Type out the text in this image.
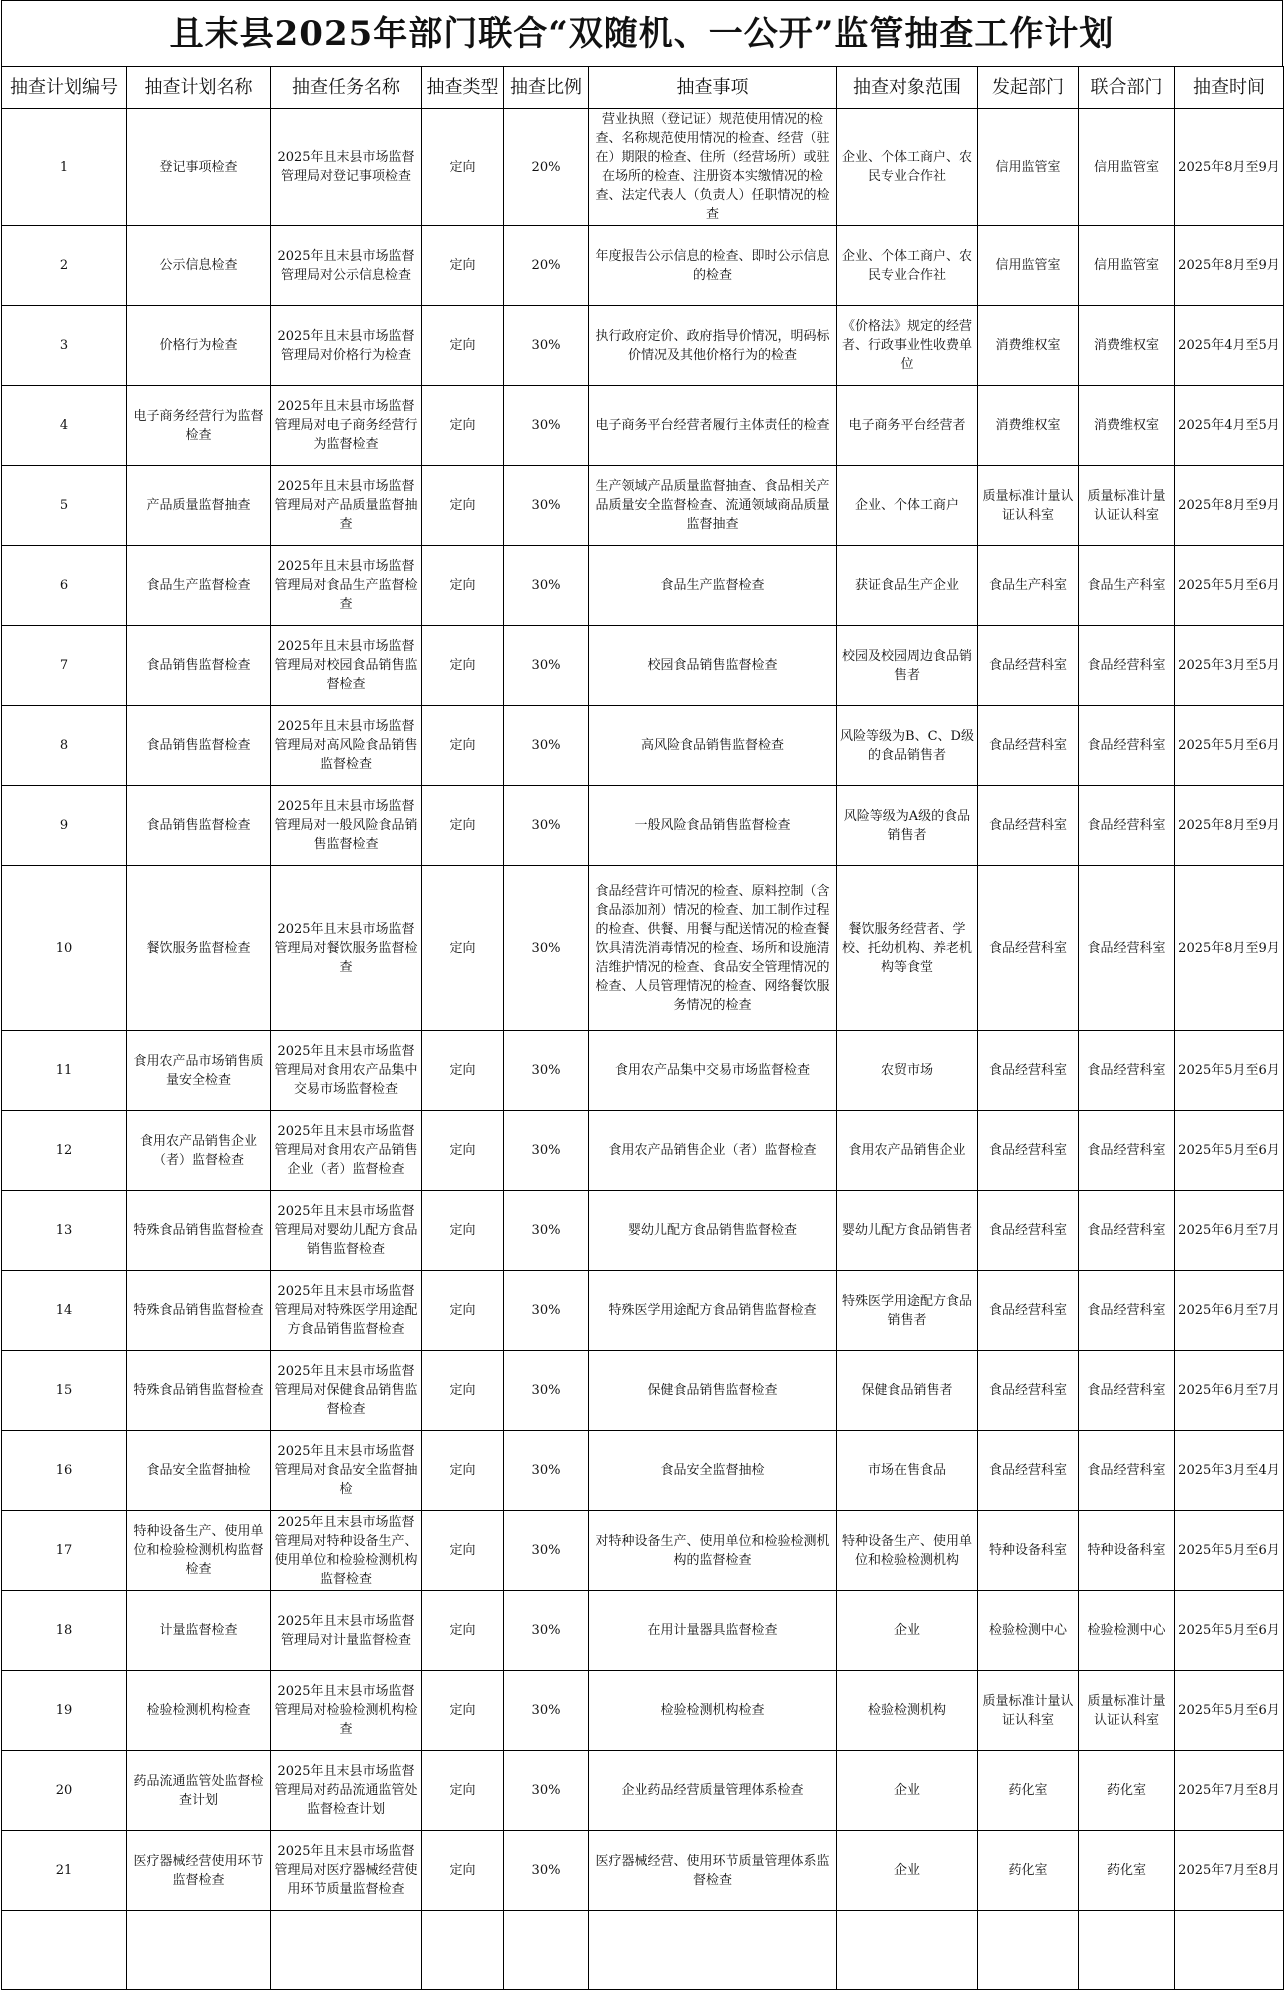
且末县2025年部门联合“双随机、一公开”监管抽查工作计划
抽查计划编号	抽查计划名称	抽查任务名称	抽查类型	抽查比例	抽查事项	抽查对象范围	发起部门	联合部门	抽查时间
1	登记事项检查	2025年且末县市场监督管理局对登记事项检查	定向	20%	营业执照（登记证）规范使用情况的检查、名称规范使用情况的检查、经营（驻在）期限的检查、住所（经营场所）或驻在场所的检查、注册资本实缴情况的检查、法定代表人（负责人）任职情况的检查	企业、个体工商户、农民专业合作社	信用监管室	信用监管室	2025年8月至9月
2	公示信息检查	2025年且末县市场监督管理局对公示信息检查	定向	20%	年度报告公示信息的检查、即时公示信息的检查	企业、个体工商户、农民专业合作社	信用监管室	信用监管室	2025年8月至9月
3	价格行为检查	2025年且末县市场监督管理局对价格行为检查	定向	30%	执行政府定价、政府指导价情况，明码标价情况及其他价格行为的检查	《价格法》规定的经营者、行政事业性收费单位	消费维权室	消费维权室	2025年4月至5月
4	电子商务经营行为监督检查	2025年且末县市场监督管理局对电子商务经营行为监督检查	定向	30%	电子商务平台经营者履行主体责任的检查	电子商务平台经营者	消费维权室	消费维权室	2025年4月至5月
5	产品质量监督抽查	2025年且末县市场监督管理局对产品质量监督抽查	定向	30%	生产领域产品质量监督抽查、食品相关产品质量安全监督检查、流通领域商品质量监督抽查	企业、个体工商户	质量标准计量认证认科室	质量标准计量认证认科室	2025年8月至9月
6	食品生产监督检查	2025年且末县市场监督管理局对食品生产监督检查	定向	30%	食品生产监督检查	获证食品生产企业	食品生产科室	食品生产科室	2025年5月至6月
7	食品销售监督检查	2025年且末县市场监督管理局对校园食品销售监督检查	定向	30%	校园食品销售监督检查	校园及校园周边食品销售者	食品经营科室	食品经营科室	2025年3月至5月
8	食品销售监督检查	2025年且末县市场监督管理局对高风险食品销售监督检查	定向	30%	高风险食品销售监督检查	风险等级为B、C、D级的食品销售者	食品经营科室	食品经营科室	2025年5月至6月
9	食品销售监督检查	2025年且末县市场监督管理局对一般风险食品销售监督检查	定向	30%	一般风险食品销售监督检查	风险等级为A级的食品销售者	食品经营科室	食品经营科室	2025年8月至9月
10	餐饮服务监督检查	2025年且末县市场监督管理局对餐饮服务监督检查	定向	30%	食品经营许可情况的检查、原料控制（含食品添加剂）情况的检查、加工制作过程的检查、供餐、用餐与配送情况的检查餐饮具清洗消毒情况的检查、场所和设施清洁维护情况的检查、食品安全管理情况的检查、人员管理情况的检查、网络餐饮服务情况的检查	餐饮服务经营者、学校、托幼机构、养老机构等食堂	食品经营科室	食品经营科室	2025年8月至9月
11	食用农产品市场销售质量安全检查	2025年且末县市场监督管理局对食用农产品集中交易市场监督检查	定向	30%	食用农产品集中交易市场监督检查	农贸市场	食品经营科室	食品经营科室	2025年5月至6月
12	食用农产品销售企业（者）监督检查	2025年且末县市场监督管理局对食用农产品销售企业（者）监督检查	定向	30%	食用农产品销售企业（者）监督检查	食用农产品销售企业	食品经营科室	食品经营科室	2025年5月至6月
13	特殊食品销售监督检查	2025年且末县市场监督管理局对婴幼儿配方食品销售监督检查	定向	30%	婴幼儿配方食品销售监督检查	婴幼儿配方食品销售者	食品经营科室	食品经营科室	2025年6月至7月
14	特殊食品销售监督检查	2025年且末县市场监督管理局对特殊医学用途配方食品销售监督检查	定向	30%	特殊医学用途配方食品销售监督检查	特殊医学用途配方食品销售者	食品经营科室	食品经营科室	2025年6月至7月
15	特殊食品销售监督检查	2025年且末县市场监督管理局对保健食品销售监督检查	定向	30%	保健食品销售监督检查	保健食品销售者	食品经营科室	食品经营科室	2025年6月至7月
16	食品安全监督抽检	2025年且末县市场监督管理局对食品安全监督抽检	定向	30%	食品安全监督抽检	市场在售食品	食品经营科室	食品经营科室	2025年3月至4月
17	特种设备生产、使用单位和检验检测机构监督检查	2025年且末县市场监督管理局对特种设备生产、使用单位和检验检测机构监督检查	定向	30%	对特种设备生产、使用单位和检验检测机构的监督检查	特种设备生产、使用单位和检验检测机构	特种设备科室	特种设备科室	2025年5月至6月
18	计量监督检查	2025年且末县市场监督管理局对计量监督检查	定向	30%	在用计量器具监督检查	企业	检验检测中心	检验检测中心	2025年5月至6月
19	检验检测机构检查	2025年且末县市场监督管理局对检验检测机构检查	定向	30%	检验检测机构检查	检验检测机构	质量标准计量认证认科室	质量标准计量认证认科室	2025年5月至6月
20	药品流通监管处监督检查计划	2025年且末县市场监督管理局对药品流通监管处监督检查计划	定向	30%	企业药品经营质量管理体系检查	企业	药化室	药化室	2025年7月至8月
21	医疗器械经营使用环节监督检查	2025年且末县市场监督管理局对医疗器械经营使用环节质量监督检查	定向	30%	医疗器械经营、使用环节质量管理体系监督检查	企业	药化室	药化室	2025年7月至8月
